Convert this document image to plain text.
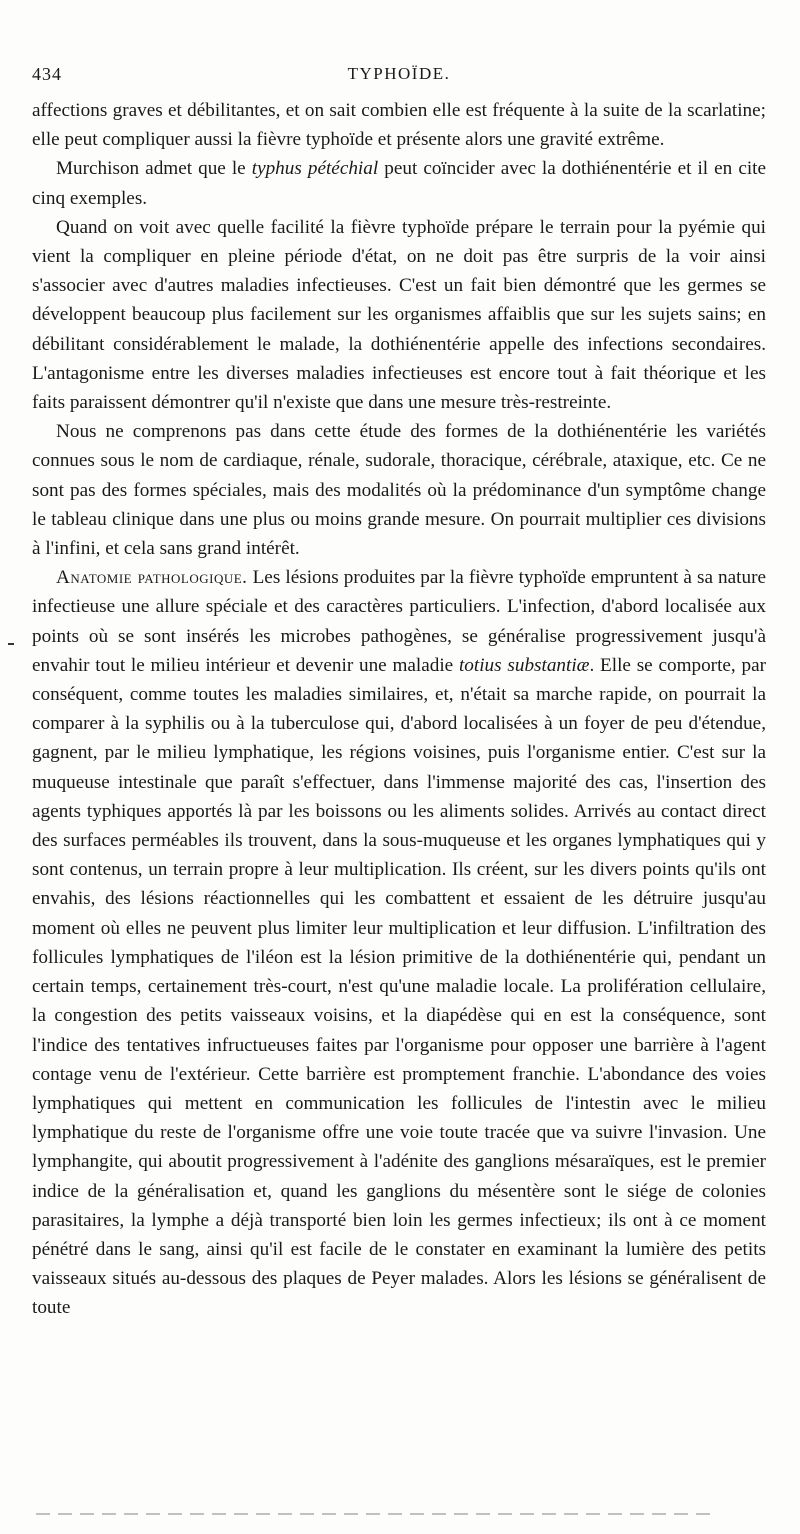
434	TYPHOÏDE.

affections graves et débilitantes, et on sait combien elle est fréquente à la suite de la scarlatine; elle peut compliquer aussi la fièvre typhoïde et présente alors une gravité extrême.

Murchison admet que le typhus pétéchial peut coïncider avec la dothiénentérie et il en cite cinq exemples.

Quand on voit avec quelle facilité la fièvre typhoïde prépare le terrain pour la pyémie qui vient la compliquer en pleine période d'état, on ne doit pas être surpris de la voir ainsi s'associer avec d'autres maladies infectieuses. C'est un fait bien démontré que les germes se développent beaucoup plus facilement sur les organismes affaiblis que sur les sujets sains; en débilitant considérablement le malade, la dothiénentérie appelle des infections secondaires. L'antagonisme entre les diverses maladies infectieuses est encore tout à fait théorique et les faits paraissent démontrer qu'il n'existe que dans une mesure très-restreinte.

Nous ne comprenons pas dans cette étude des formes de la dothiénentérie les variétés connues sous le nom de cardiaque, rénale, sudorale, thoracique, cérébrale, ataxique, etc. Ce ne sont pas des formes spéciales, mais des modalités où la prédominance d'un symptôme change le tableau clinique dans une plus ou moins grande mesure. On pourrait multiplier ces divisions à l'infini, et cela sans grand intérêt.

Anatomie pathologique. Les lésions produites par la fièvre typhoïde empruntent à sa nature infectieuse une allure spéciale et des caractères particuliers. L'infection, d'abord localisée aux points où se sont insérés les microbes pathogènes, se généralise progressivement jusqu'à envahir tout le milieu intérieur et devenir une maladie totius substantiæ. Elle se comporte, par conséquent, comme toutes les maladies similaires, et, n'était sa marche rapide, on pourrait la comparer à la syphilis ou à la tuberculose qui, d'abord localisées à un foyer de peu d'étendue, gagnent, par le milieu lymphatique, les régions voisines, puis l'organisme entier. C'est sur la muqueuse intestinale que paraît s'effectuer, dans l'immense majorité des cas, l'insertion des agents typhiques apportés là par les boissons ou les aliments solides. Arrivés au contact direct des surfaces perméables ils trouvent, dans la sous-muqueuse et les organes lymphatiques qui y sont contenus, un terrain propre à leur multiplication. Ils créent, sur les divers points qu'ils ont envahis, des lésions réactionnelles qui les combattent et essaient de les détruire jusqu'au moment où elles ne peuvent plus limiter leur multiplication et leur diffusion. L'infiltration des follicules lymphatiques de l'iléon est la lésion primitive de la dothiénentérie qui, pendant un certain temps, certainement très-court, n'est qu'une maladie locale. La prolifération cellulaire, la congestion des petits vaisseaux voisins, et la diapédèse qui en est la conséquence, sont l'indice des tentatives infructueuses faites par l'organisme pour opposer une barrière à l'agent contage venu de l'extérieur. Cette barrière est promptement franchie. L'abondance des voies lymphatiques qui mettent en communication les follicules de l'intestin avec le milieu lymphatique du reste de l'organisme offre une voie toute tracée que va suivre l'invasion. Une lymphangite, qui aboutit progressivement à l'adénite des ganglions mésaraïques, est le premier indice de la généralisation et, quand les ganglions du mésentère sont le siége de colonies parasitaires, la lymphe a déjà transporté bien loin les germes infectieux; ils ont à ce moment pénétré dans le sang, ainsi qu'il est facile de le constater en examinant la lumière des petits vaisseaux situés au-dessous des plaques de Peyer malades. Alors les lésions se généralisent de toute
